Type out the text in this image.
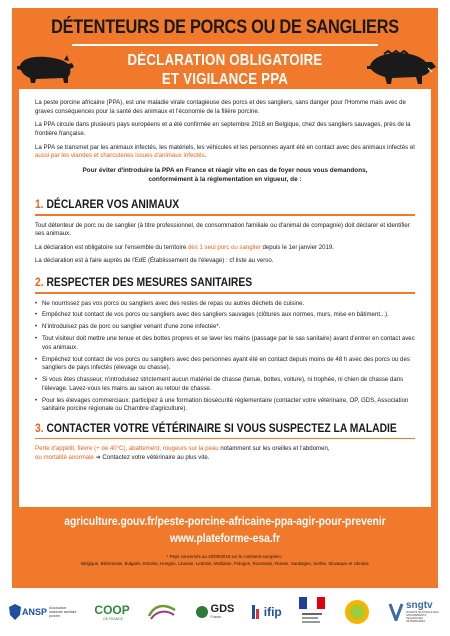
DÉTENTEURS DE PORCS OU DE SANGLIERS
DÉCLARATION OBLIGATOIRE
ET VIGILANCE PPA

La peste porcine africaine (PPA), est une maladie virale contagieuse des porcs et des sangliers, sans danger pour l'Homme mais avec de graves conséquences pour la santé des animaux et l'économie de la filière porcine.

La PPA circule dans plusieurs pays européens et a été confirmée en septembre 2018 en Belgique, chez des sangliers sauvages, près de la frontière française.

La PPA se transmet par les animaux infectés, les matériels, les véhicules et les personnes ayant été en contact avec des animaux infectés et aussi par les viandes et charcuteries issues d'animaux infectés.

Pour éviter d'introduire la PPA en France et réagir vite en cas de foyer nous vous demandons,
conformément à la réglementation en vigueur, de :
1. DÉCLARER VOS ANIMAUX

Tout détenteur de porc ou de sanglier (à titre professionnel, de consommation familiale ou d'animal de compagnie) doit déclarer et identifier ses animaux.

La déclaration est obligatoire sur l'ensemble du territoire dès 1 seul porc ou sanglier depuis le 1er janvier 2019.

La déclaration est à faire auprès de l'EdE (Établissement de l'élevage) : cf liste au verso.

2. RESPECTER DES MESURES SANITAIRES
• Ne nourrissez pas vos porcs ou sangliers avec des restes de repas ou autres déchets de cuisine.
• Empêchez tout contact de vos porcs ou sangliers avec des sangliers sauvages (clôtures aux normes, murs, mise en bâtiment...).
• N'introduisez pas de porc ou sanglier venant d'une zone infectée*.
• Tout visiteur doit mettre une tenue et des bottes propres et se laver les mains (passage par le sas sanitaire) avant d'entrer en contact avec vos animaux.
• Empêchez tout contact de vos porcs ou sangliers avec des personnes ayant été en contact depuis moins de 48 h avec des porcs ou des sangliers de pays infectés (élevage ou chasse).
• Si vous êtes chasseur, n'introduisez strictement aucun matériel de chasse (tenue, bottes, voiture), ni trophée, ni chien de chasse dans l'élevage. Lavez-vous les mains au savon au retour de chasse.
• Pour les élevages commerciaux: participez à une formation biosécurité réglementaire (contacter votre vétérinaire, OP, GDS, Association sanitaire porcine régionale ou Chambre d'agriculture).
3. CONTACTER VOTRE VÉTÉRINAIRE SI VOUS SUSPECTEZ LA MALADIE

Perte d'appétit, fièvre (+ de 40°C), abattement, rougeurs sur la peau notamment sur les oreilles et l'abdomen,
ou mortalité anormale ➔ Contactez votre vétérinaire au plus vite.

agriculture.gouv.fr/peste-porcine-africaine-ppa-agir-pour-prevenir
www.plateforme-esa.fr
* Pays concernés au 10/09/2019 sur le continent européen :
Belgique, Biélorussie, Bulgarie, Estonie, Hongrie, Lituanie, Lettonie, Moldavie, Pologne, Roumanie, Russie, Sardaigne, Serbie, Slovaquie et Ukraine
ANSP Association nationale sanitaire porcine	COOP
DE FRANCE
GDS
France	ifip	sngtv
SOCIÉTÉ NATIONALE DES GROUPEMENTS TECHNIQUES VÉTÉRINAIRES
